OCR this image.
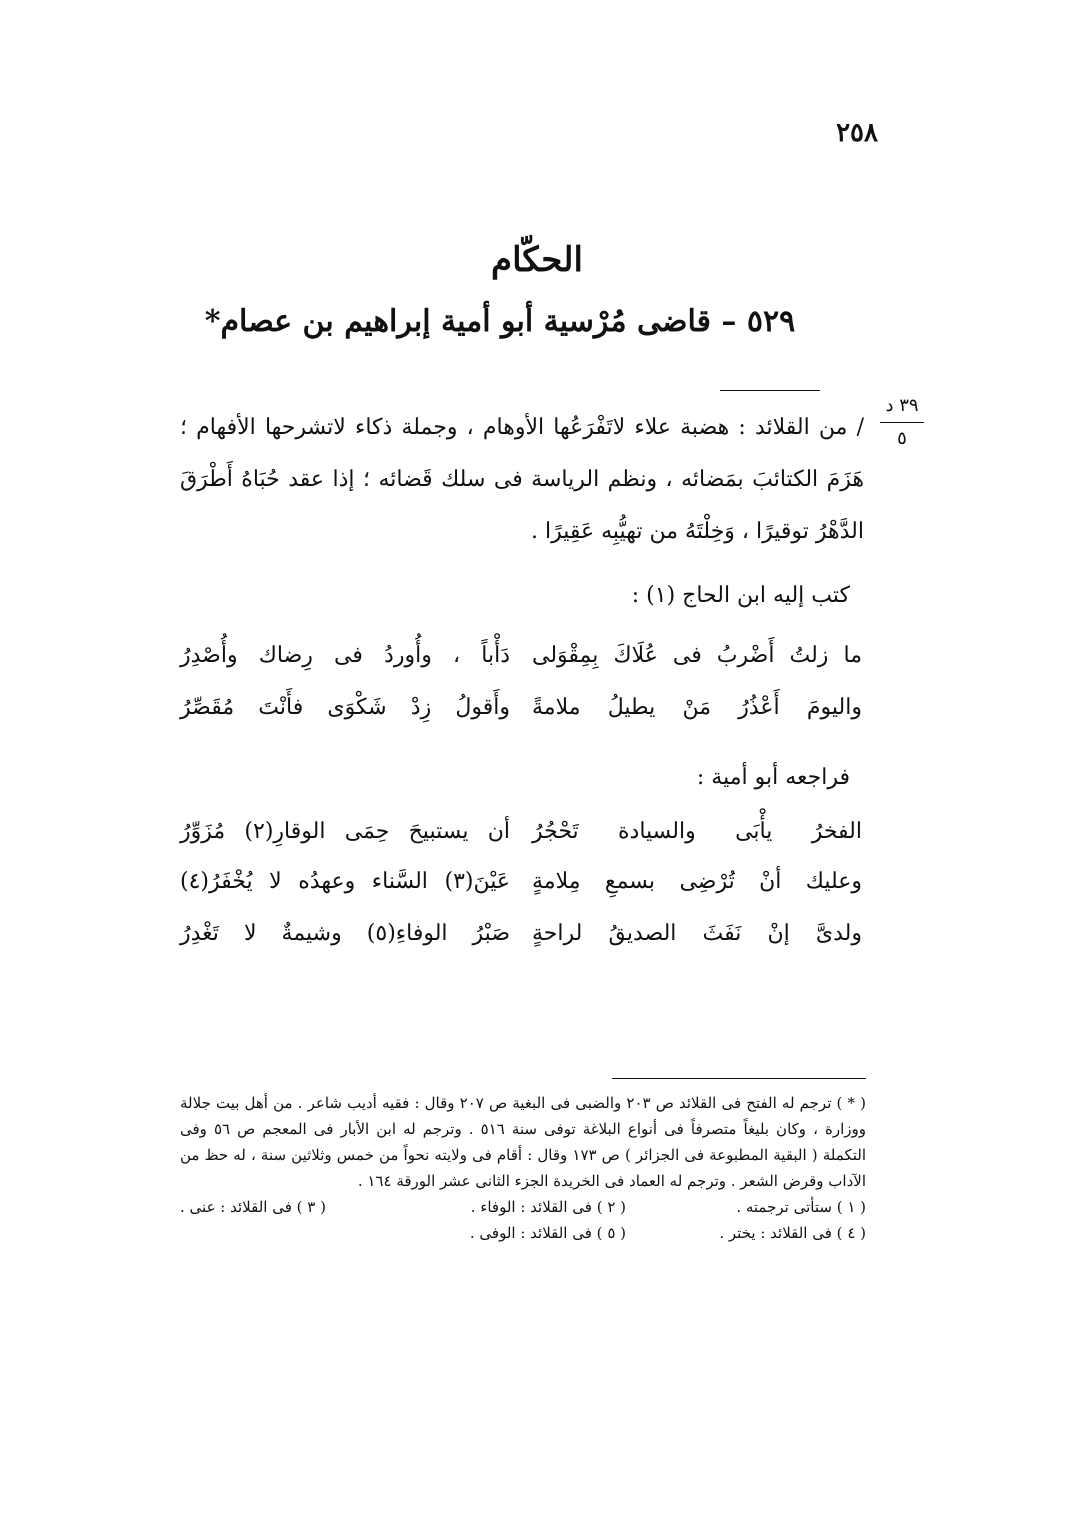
٢٥٨
الحكّام
٥٢٩ – قاضى مُرْسية أبو أمية إبراهيم بن عصام*
٣٩ د
٥

/ من القلائد : هضبة علاء لاتَفْرَعُها الأوهام ، وجملة ذكاء لاتشرحها الأفهام ؛ هَزَمَ الكتائبَ بمَضائه ، ونظم الرياسة فى سلك قَضائه ؛ إذا عقد حُبَاهُ أَطْرَقَ الدَّهْرُ توقيرًا ، وَخِلْتَهُ من تهيُّبِه عَقِيرًا .

كتب إليه ابن الحاج (١) :
ما زلتُ أَضْربُ فى عُلَاكَ بِمِقْوَلى
دَأْباً ، وأُوردُ فى رِضاك وأُصْدِرُ
واليومَ أَعْذُرُ مَنْ يطيلُ ملامةً
وأَقولُ زِدْ شَكْوَى فأَنْتَ مُقَصِّرُ
فراجعه أبو أمية :
الفخرُ يأْبَى والسيادة تَحْجُرُ
أن يستبيحَ حِمَى الوقارِ(٢) مُزَوِّرُ
وعليك أنْ تُرْضِى بسمعِ مِلامةٍ
عَيْنَ(٣) السَّناء وعهدُه لا يُخْفَرُ(٤)
ولدىَّ إنْ نَفَثَ الصديقُ لراحةٍ
صَبْرُ الوفاءِ(٥) وشيمةٌ لا تَغْدِرُ

( * ) ترجم له الفتح فى القلائد ص ٢٠٣ والضبى فى البغية ص ٢٠٧ وقال : فقيه أديب شاعر . من أهل بيت جلالة ووزارة ، وكان بليغاً متصرفاً فى أنواع البلاغة توفى سنة ٥١٦ . وترجم له ابن الأبار فى المعجم ص ٥٦ وفى التكملة ( البقية المطبوعة فى الجزائر ) ص ١٧٣ وقال : أقام فى ولايته نحواً من خمس وثلاثين سنة ، له حظ من الآداب وقرض الشعر . وترجم له العماد فى الخريدة الجزء الثانى عشر الورقة ١٦٤ .

( ١ ) ستأتى ترجمته .
( ٢ ) فى القلائد : الوفاء .
( ٣ ) فى القلائد : عنى .
( ٤ ) فى القلائد : يختر .
( ٥ ) فى القلائد : الوفى .
